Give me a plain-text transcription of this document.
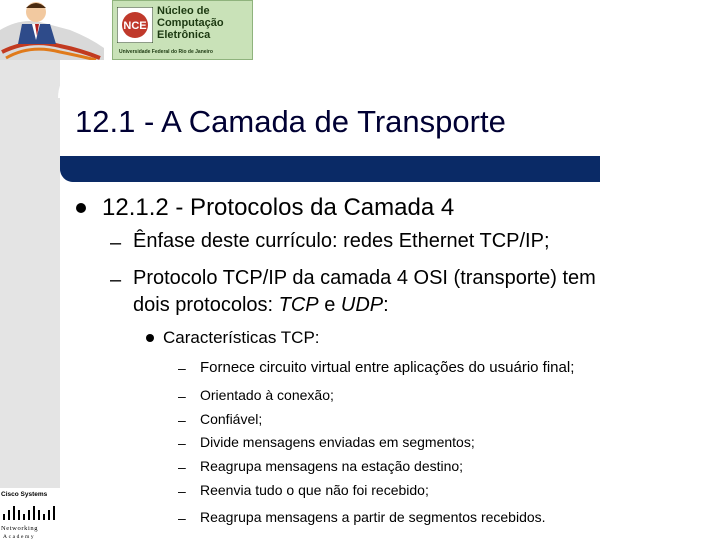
NCE
Núcleo de
Computação
Eletrônica
Universidade Federal do Rio de Janeiro
12.1 - A Camada de Transporte
12.1.2 - Protocolos da Camada 4
– Ênfase deste currículo: redes Ethernet TCP/IP;
– Protocolo TCP/IP da camada 4 OSI (transporte) tem
dois protocolos: TCP e UDP:
Características TCP:
– Fornece circuito virtual entre aplicações do usuário final;
– Orientado à conexão;
– Confiável;
– Divide mensagens enviadas em segmentos;
– Reagrupa mensagens na estação destino;
– Reenvia tudo o que não foi recebido;
– Reagrupa mensagens a partir de segmentos recebidos.
Cisco Systems
Networking
Academy
